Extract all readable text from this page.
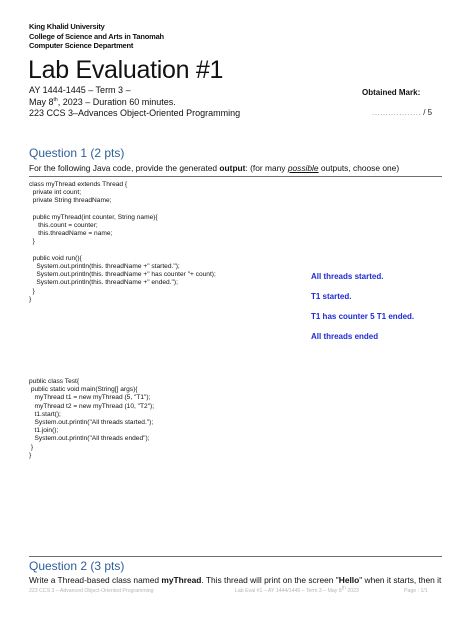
King Khalid University
College of Science and Arts in Tanomah
Computer Science Department
Lab Evaluation #1
AY 1444-1445 – Term 3 –
May 8th, 2023 – Duration 60 minutes.
223 CCS 3–Advances Object-Oriented Programming
Obtained Mark:
.................. / 5
Question 1 (2 pts)
For the following Java code, provide the generated output: (for many possible outputs, choose one)
class myThread extends Thread {
private int count;
private String threadName;

public myThread(int counter, String name){
this.count = counter;
this.threadName = name;
}

public void run(){
System.out.println(this. threadName +" started.");
System.out.println(this. threadName +" has counter "+ count);
System.out.println(this. threadName +" ended.");
}
}
public class Test{
public static void main(String[] args){
myThread t1 = new myThread (5, "T1");
myThread t2 = new myThread (10, "T2");
t1.start();
System.out.println("All threads started.");
t1.join();
System.out.println("All threads ended");
}
}
All threads started.
T1 started.
T1 has counter 5 T1 ended.
All threads ended
Question 2 (3 pts)
Write a Thread-based class named myThread. This thread will print on the screen "Hello" when it starts, then it
223 CCS 3 – Advanced Object-Oriented Programming	Lab Eval #1 – AY 1444/1445 – Term 3 – May 8th 2023	Page : 1/1
